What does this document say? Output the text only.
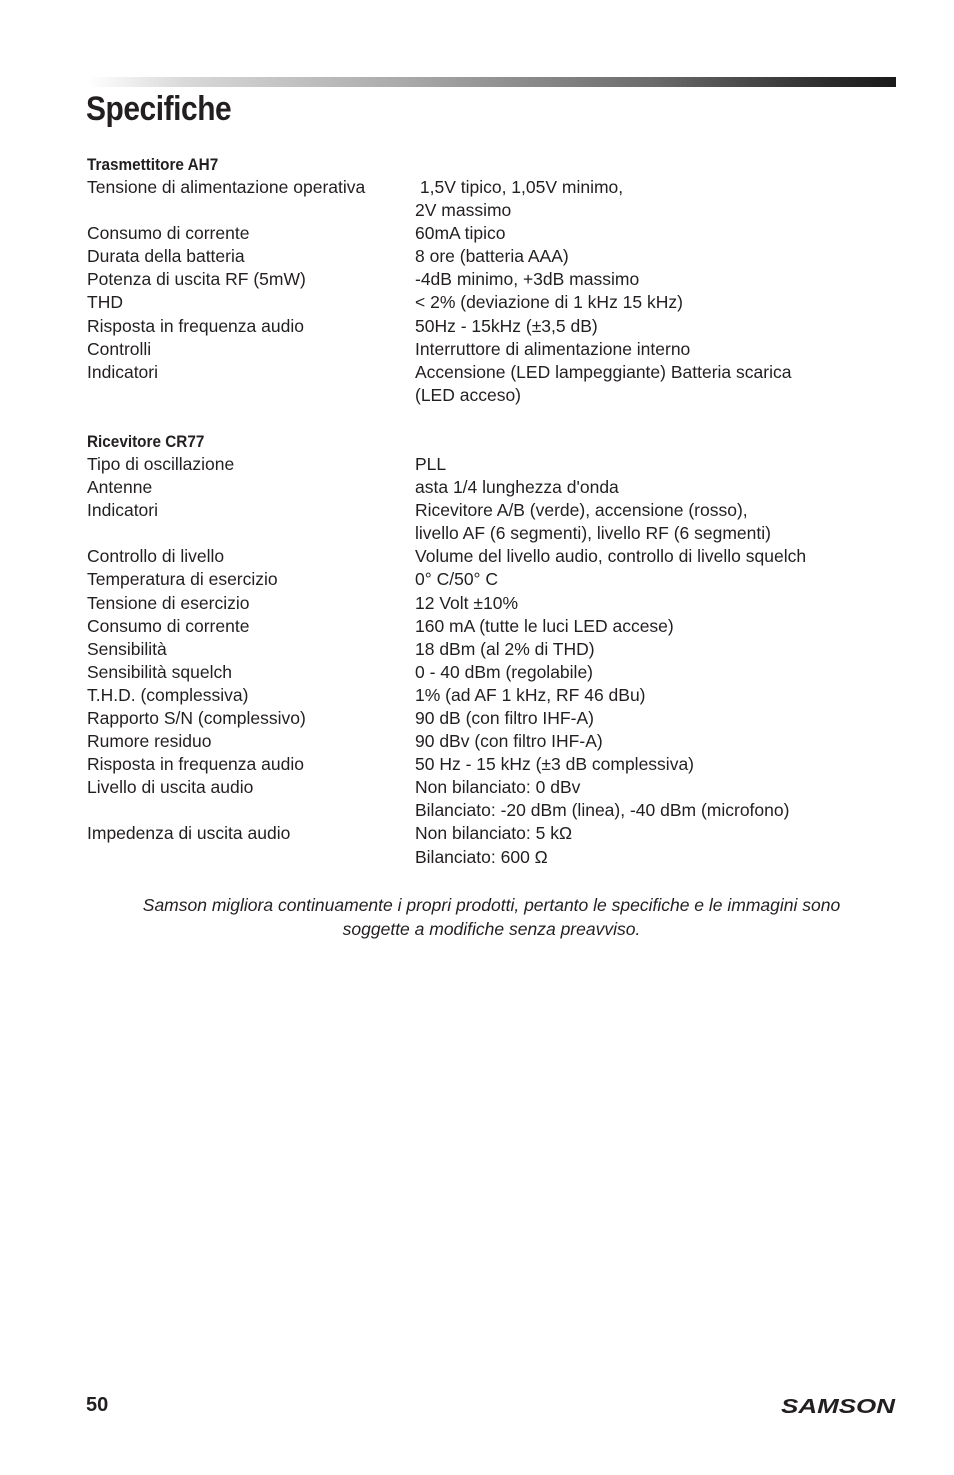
Specifiche
Trasmettitore AH7
Tensione di alimentazione operativa	1,5V tipico, 1,05V minimo,
2V massimo
Consumo di corrente	60mA tipico
Durata della batteria	8 ore (batteria AAA)
Potenza di uscita RF (5mW)	-4dB minimo, +3dB massimo
THD	< 2% (deviazione di 1 kHz 15 kHz)
Risposta in frequenza audio	50Hz - 15kHz (±3,5 dB)
Controlli	Interruttore di alimentazione interno
Indicatori	Accensione (LED lampeggiante) Batteria scarica
(LED acceso)
Ricevitore CR77
Tipo di oscillazione	PLL
Antenne	asta 1/4 lunghezza d'onda
Indicatori	Ricevitore A/B (verde), accensione (rosso),
livello AF (6 segmenti), livello RF (6 segmenti)
Controllo di livello	Volume del livello audio, controllo di livello squelch
Temperatura di esercizio	0° C/50° C
Tensione di esercizio	12 Volt ±10%
Consumo di corrente	160 mA (tutte le luci LED accese)
Sensibilità	18 dBm (al 2% di THD)
Sensibilità squelch	0 - 40 dBm (regolabile)
T.H.D. (complessiva)	1% (ad AF 1 kHz, RF 46 dBu)
Rapporto S/N (complessivo)	90 dB (con filtro IHF-A)
Rumore residuo	90 dBv (con filtro IHF-A)
Risposta in frequenza audio	50 Hz - 15 kHz (±3 dB complessiva)
Livello di uscita audio	Non bilanciato: 0 dBv
Bilanciato: -20 dBm (linea), -40 dBm (microfono)
Impedenza di uscita audio	Non bilanciato: 5 kΩ
Bilanciato: 600 Ω
Samson migliora continuamente i propri prodotti, pertanto le specifiche e le immagini sono
soggette a modifiche senza preavviso.
50	SAMSON
